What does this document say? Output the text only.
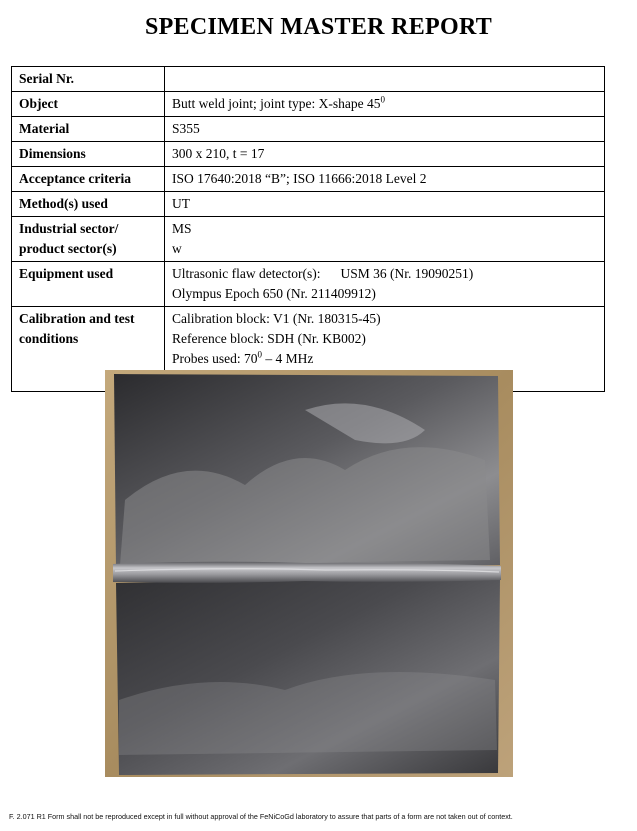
SPECIMEN MASTER REPORT
Serial Nr.	
Object	Butt weld joint; joint type: X-shape $45^0$
Material	S355
Dimensions	300 x 210, t = 17
Acceptance criteria	ISO 17640:2018 “B”; ISO 11666:2018 Level 2
Method(s) used	UT

Industrial sector/
product sector(s)	MS
w

Equipment used	Ultrasonic flaw detector(s): USM 36 (Nr. 19090251)
Olympus Epoch 650 (Nr. 211409912)

Calibration and test
conditions	Calibration block: V1 (Nr. 180315-45)
Reference block: SDH (Nr. KB002)
Probes used: $70^0 - 4$ MHz
F. 2.071 R1 Form shall not be reproduced except in full without approval of the FeNiCoGd laboratory to assure that parts of a form are not taken out of context.
